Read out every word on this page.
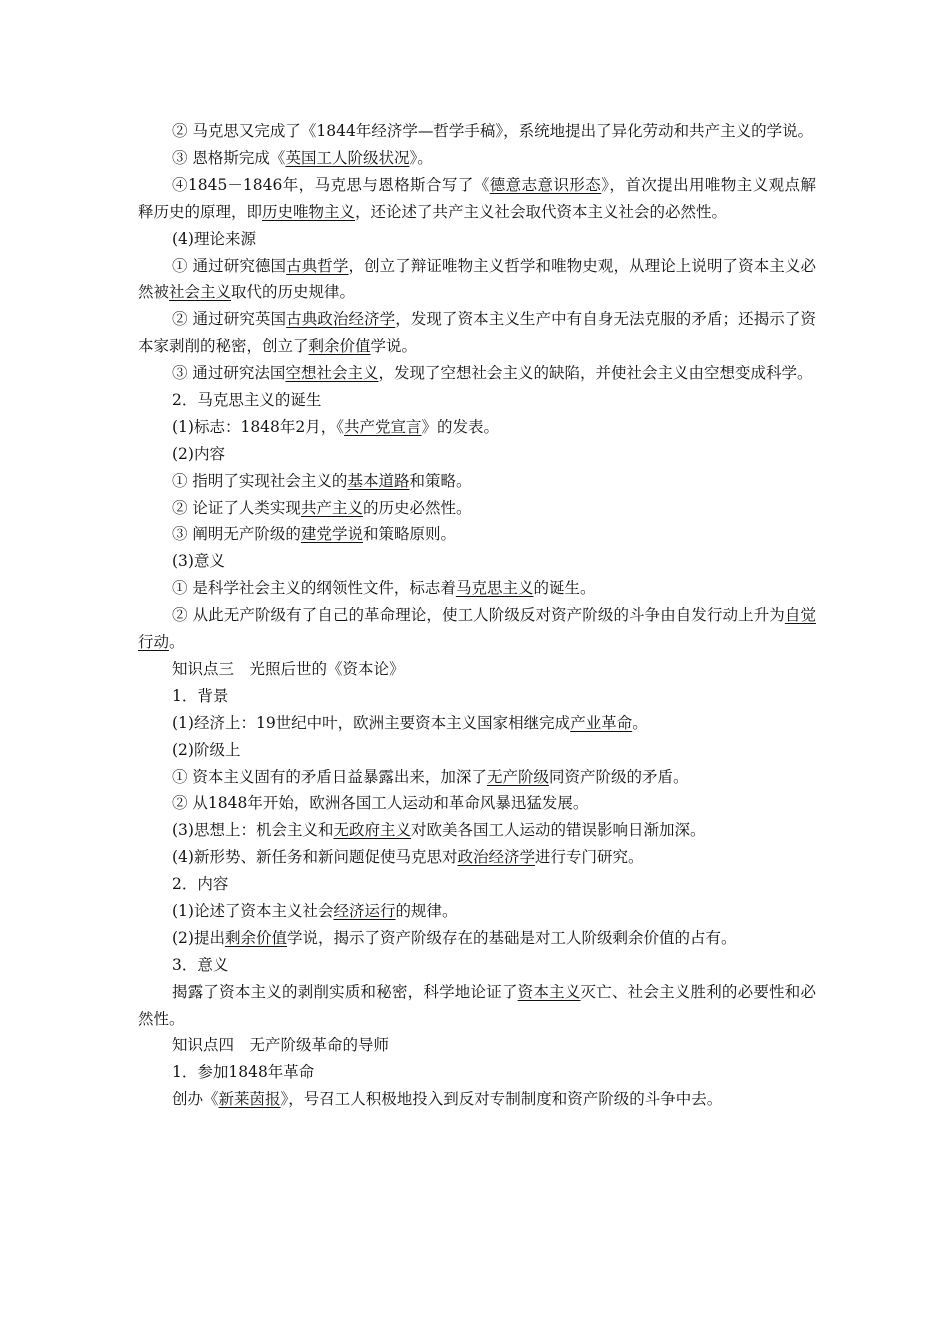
② 马克思又完成了《1844年经济学—哲学手稿》，系统地提出了异化劳动和共产主义的学说。
③ 恩格斯完成《英国工人阶级状况》。
④1845－1846年，马克思与恩格斯合写了《德意志意识形态》，首次提出用唯物主义观点解释历史的原理，即历史唯物主义，还论述了共产主义社会取代资本主义社会的必然性。
(4)理论来源
① 通过研究德国古典哲学，创立了辩证唯物主义哲学和唯物史观，从理论上说明了资本主义必然被社会主义取代的历史规律。
② 通过研究英国古典政治经济学，发现了资本主义生产中有自身无法克服的矛盾；还揭示了资本家剥削的秘密，创立了剩余价值学说。
③ 通过研究法国空想社会主义，发现了空想社会主义的缺陷，并使社会主义由空想变成科学。
2．马克思主义的诞生
(1)标志：1848年2月，《共产党宣言》的发表。
(2)内容
① 指明了实现社会主义的基本道路和策略。
② 论证了人类实现共产主义的历史必然性。
③ 阐明无产阶级的建党学说和策略原则。
(3)意义
① 是科学社会主义的纲领性文件，标志着马克思主义的诞生。
② 从此无产阶级有了自己的革命理论，使工人阶级反对资产阶级的斗争由自发行动上升为自觉行动。
知识点三　光照后世的《资本论》
1．背景
(1)经济上：19世纪中叶，欧洲主要资本主义国家相继完成产业革命。
(2)阶级上
① 资本主义固有的矛盾日益暴露出来，加深了无产阶级同资产阶级的矛盾。
② 从1848年开始，欧洲各国工人运动和革命风暴迅猛发展。
(3)思想上：机会主义和无政府主义对欧美各国工人运动的错误影响日渐加深。
(4)新形势、新任务和新问题促使马克思对政治经济学进行专门研究。
2．内容
(1)论述了资本主义社会经济运行的规律。
(2)提出剩余价值学说，揭示了资产阶级存在的基础是对工人阶级剩余价值的占有。
3．意义
揭露了资本主义的剥削实质和秘密，科学地论证了资本主义灭亡、社会主义胜利的必要性和必然性。
知识点四　无产阶级革命的导师
1．参加1848年革命
创办《新莱茵报》，号召工人积极地投入到反对专制制度和资产阶级的斗争中去。
